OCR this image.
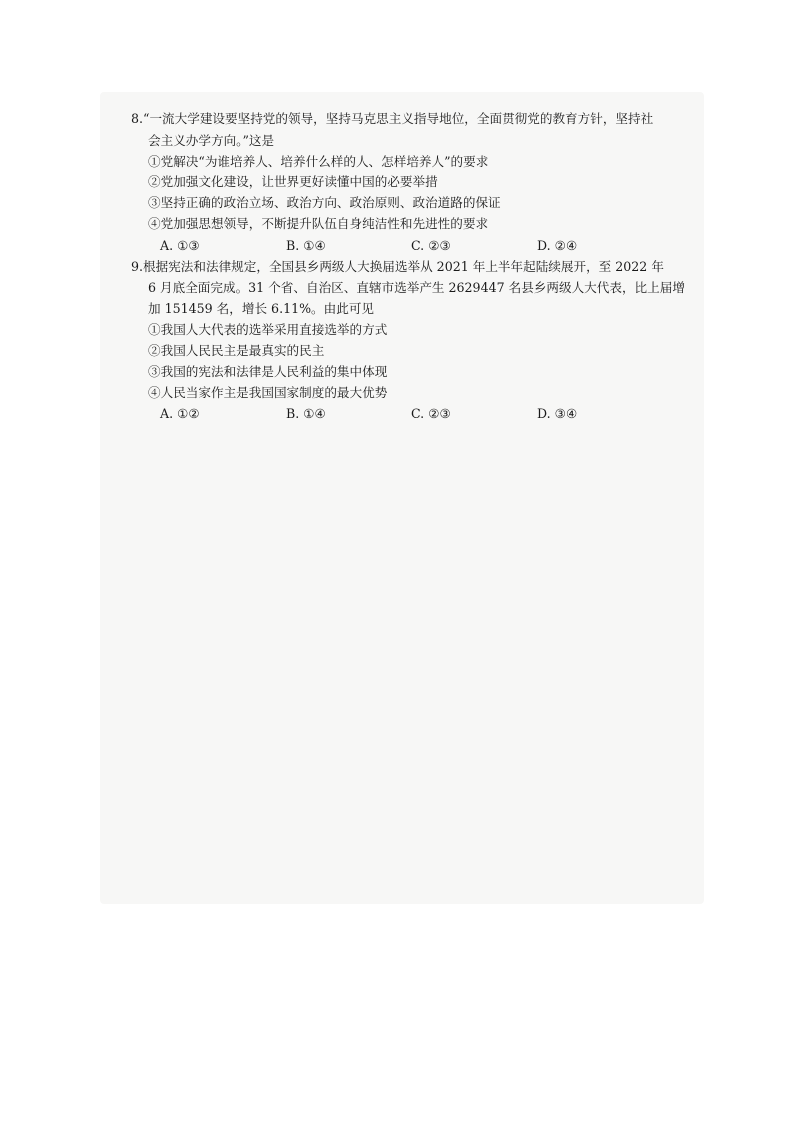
8.“一流大学建设要坚持党的领导，坚持马克思主义指导地位，全面贯彻党的教育方针，坚持社
会主义办学方向。”这是
①党解决“为谁培养人、培养什么样的人、怎样培养人”的要求
②党加强文化建设，让世界更好读懂中国的必要举措
③坚持正确的政治立场、政治方向、政治原则、政治道路的保证
④党加强思想领导，不断提升队伍自身纯洁性和先进性的要求
A. ①③	B. ①④	C. ②③	D. ②④
9.根据宪法和法律规定，全国县乡两级人大换届选举从 2021 年上半年起陆续展开，至 2022 年
6 月底全面完成。31 个省、自治区、直辖市选举产生 2629447 名县乡两级人大代表，比上届增
加 151459 名，增长 6.11%。由此可见
①我国人大代表的选举采用直接选举的方式
②我国人民民主是最真实的民主
③我国的宪法和法律是人民利益的集中体现
④人民当家作主是我国国家制度的最大优势
A. ①②	B. ①④	C. ②③	D. ③④
